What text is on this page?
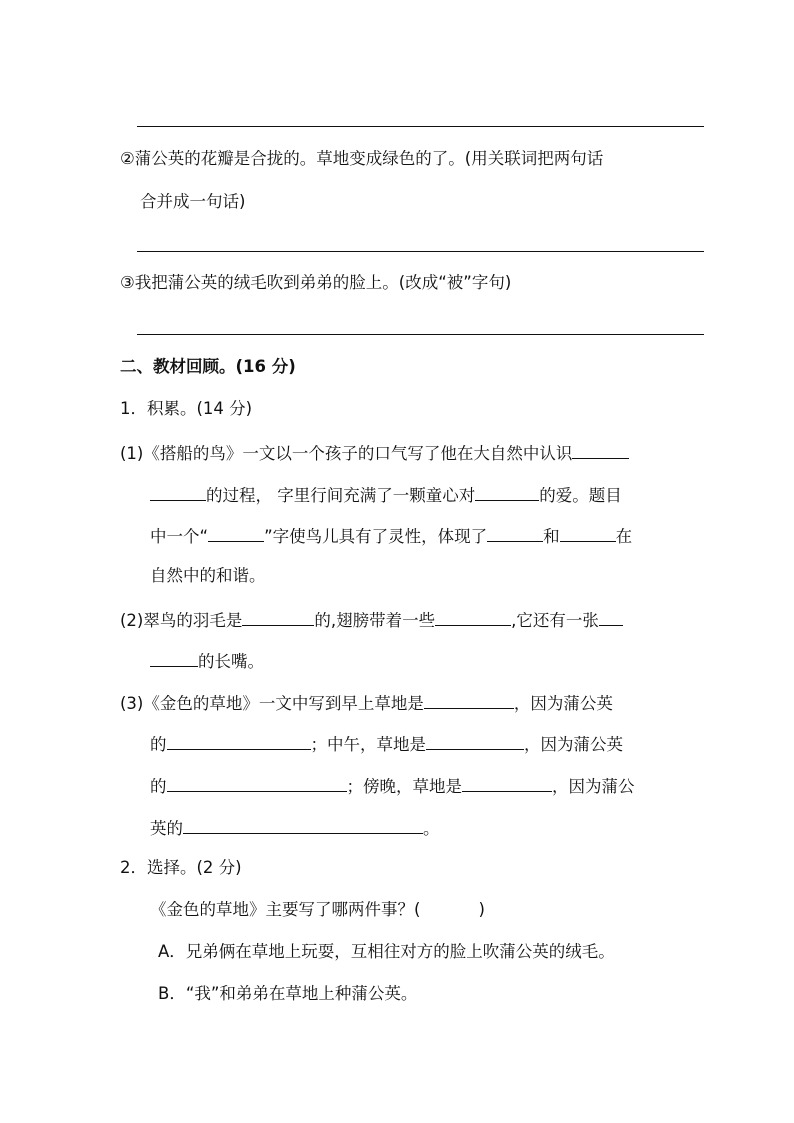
②蒲公英的花瓣是合拢的。草地变成绿色的了。(用关联词把两句话
合并成一句话)
③我把蒲公英的绒毛吹到弟弟的脸上。(改成“被”字句)
二、教材回顾。(16 分)
1．积累。(14 分)
(1)《搭船的鸟》一文以一个孩子的口气写了他在大自然中认识
的过程， 字里行间充满了一颗童心对	的爱。题目
中一个“	”字使鸟儿具有了灵性，体现了	和	在
自然中的和谐。
(2)翠鸟的羽毛是	的,翅膀带着一些	,它还有一张
的长嘴。
(3)《金色的草地》一文中写到早上草地是	，因为蒲公英
的	；中午，草地是	，因为蒲公英
的	；傍晚，草地是	，因为蒲公
英的	。
2．选择。(2 分)
《金色的草地》主要写了哪两件事？(	)
A．兄弟俩在草地上玩耍，互相往对方的脸上吹蒲公英的绒毛。
B．“我”和弟弟在草地上种蒲公英。
